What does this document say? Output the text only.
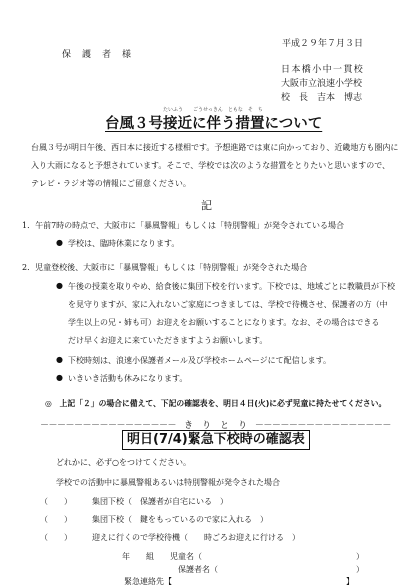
平成２９年７月３日
保　護　者　様
日本橋小中一貫校
大阪市立浪速小学校
校　長　吉本　博志
たいふう　　ごうせっきん　ともな　そ　ち
台風３号接近に伴う措置について
台風３号が明日午後、西日本に接近する様相です。予想進路では東に向かっており、近畿地方も圏内に
入り大雨になると予想されています。そこで、学校では次のような措置をとりたいと思いますので、
テレビ・ラジオ等の情報にご留意ください。
記
1．午前7時の時点で、大阪市に「暴風警報」もしくは「特別警報」が発令されている場合
● 学校は、臨時休業になります。
2．児童登校後、大阪市に「暴風警報」もしくは「特別警報」が発令された場合
● 午後の授業を取りやめ、給食後に集団下校を行います。下校では、地域ごとに教職員が下校
を見守りますが、家に入れないご家庭につきましては、学校で待機させ、保護者の方（中
学生以上の兄・姉も可）お迎えをお願いすることになります。なお、その場合はできる
だけ早くお迎えに来ていただきますようお願いします。
● 下校時刻は、浪速小保護者メール及び学校ホームページにて配信します。
● いきいき活動も休みになります。
◎　上記「２」の場合に備えて、下記の確認表を、明日４日(火)に必ず児童に持たせてください。
－－－－－－－－－－－－－－－－ き　り　と　り －－－－－－－－－－－－－－－－
明日(7/4)緊急下校時の確認表
どれかに、必ず○をつけてください。
学校での活動中に暴風警報あるいは特別警報が発令された場合
（　　）	集団下校（　保護者が自宅にいる　）
（　　）	集団下校（　鍵をもっているので家に入れる　）
（　　）	迎えに行くので学校待機（　　時ごろお迎えに行ける　）
年　　組　　児童名（	）
保護者名（	）
緊急連絡先【	】
